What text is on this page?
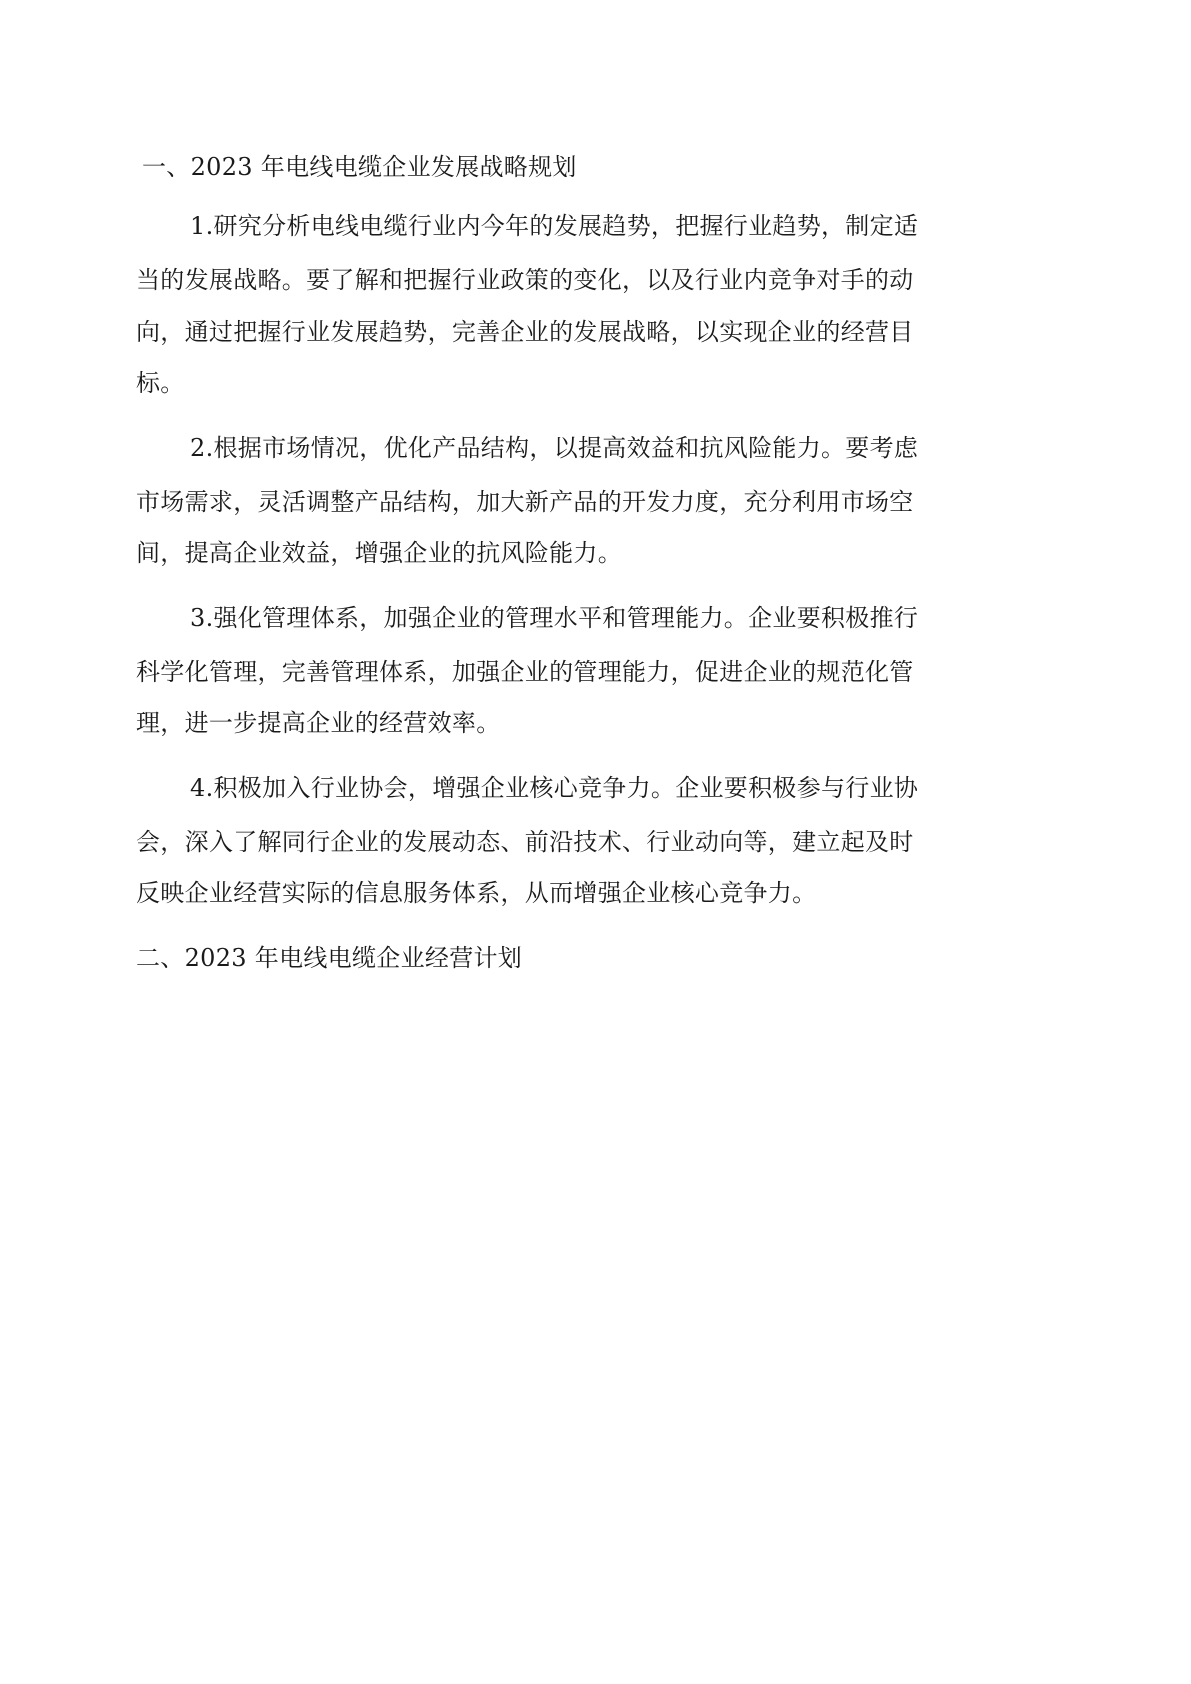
一、2023 年电线电缆企业发展战略规划
1.研究分析电线电缆行业内今年的发展趋势，把握行业趋势，制定适
当的发展战略。要了解和把握行业政策的变化，以及行业内竞争对手的动
向，通过把握行业发展趋势，完善企业的发展战略，以实现企业的经营目
标。
2.根据市场情况，优化产品结构，以提高效益和抗风险能力。要考虑
市场需求，灵活调整产品结构，加大新产品的开发力度，充分利用市场空
间，提高企业效益，增强企业的抗风险能力。
3.强化管理体系，加强企业的管理水平和管理能力。企业要积极推行
科学化管理，完善管理体系，加强企业的管理能力，促进企业的规范化管
理，进一步提高企业的经营效率。
4.积极加入行业协会，增强企业核心竞争力。企业要积极参与行业协
会，深入了解同行企业的发展动态、前沿技术、行业动向等，建立起及时
反映企业经营实际的信息服务体系，从而增强企业核心竞争力。
二、2023 年电线电缆企业经营计划
